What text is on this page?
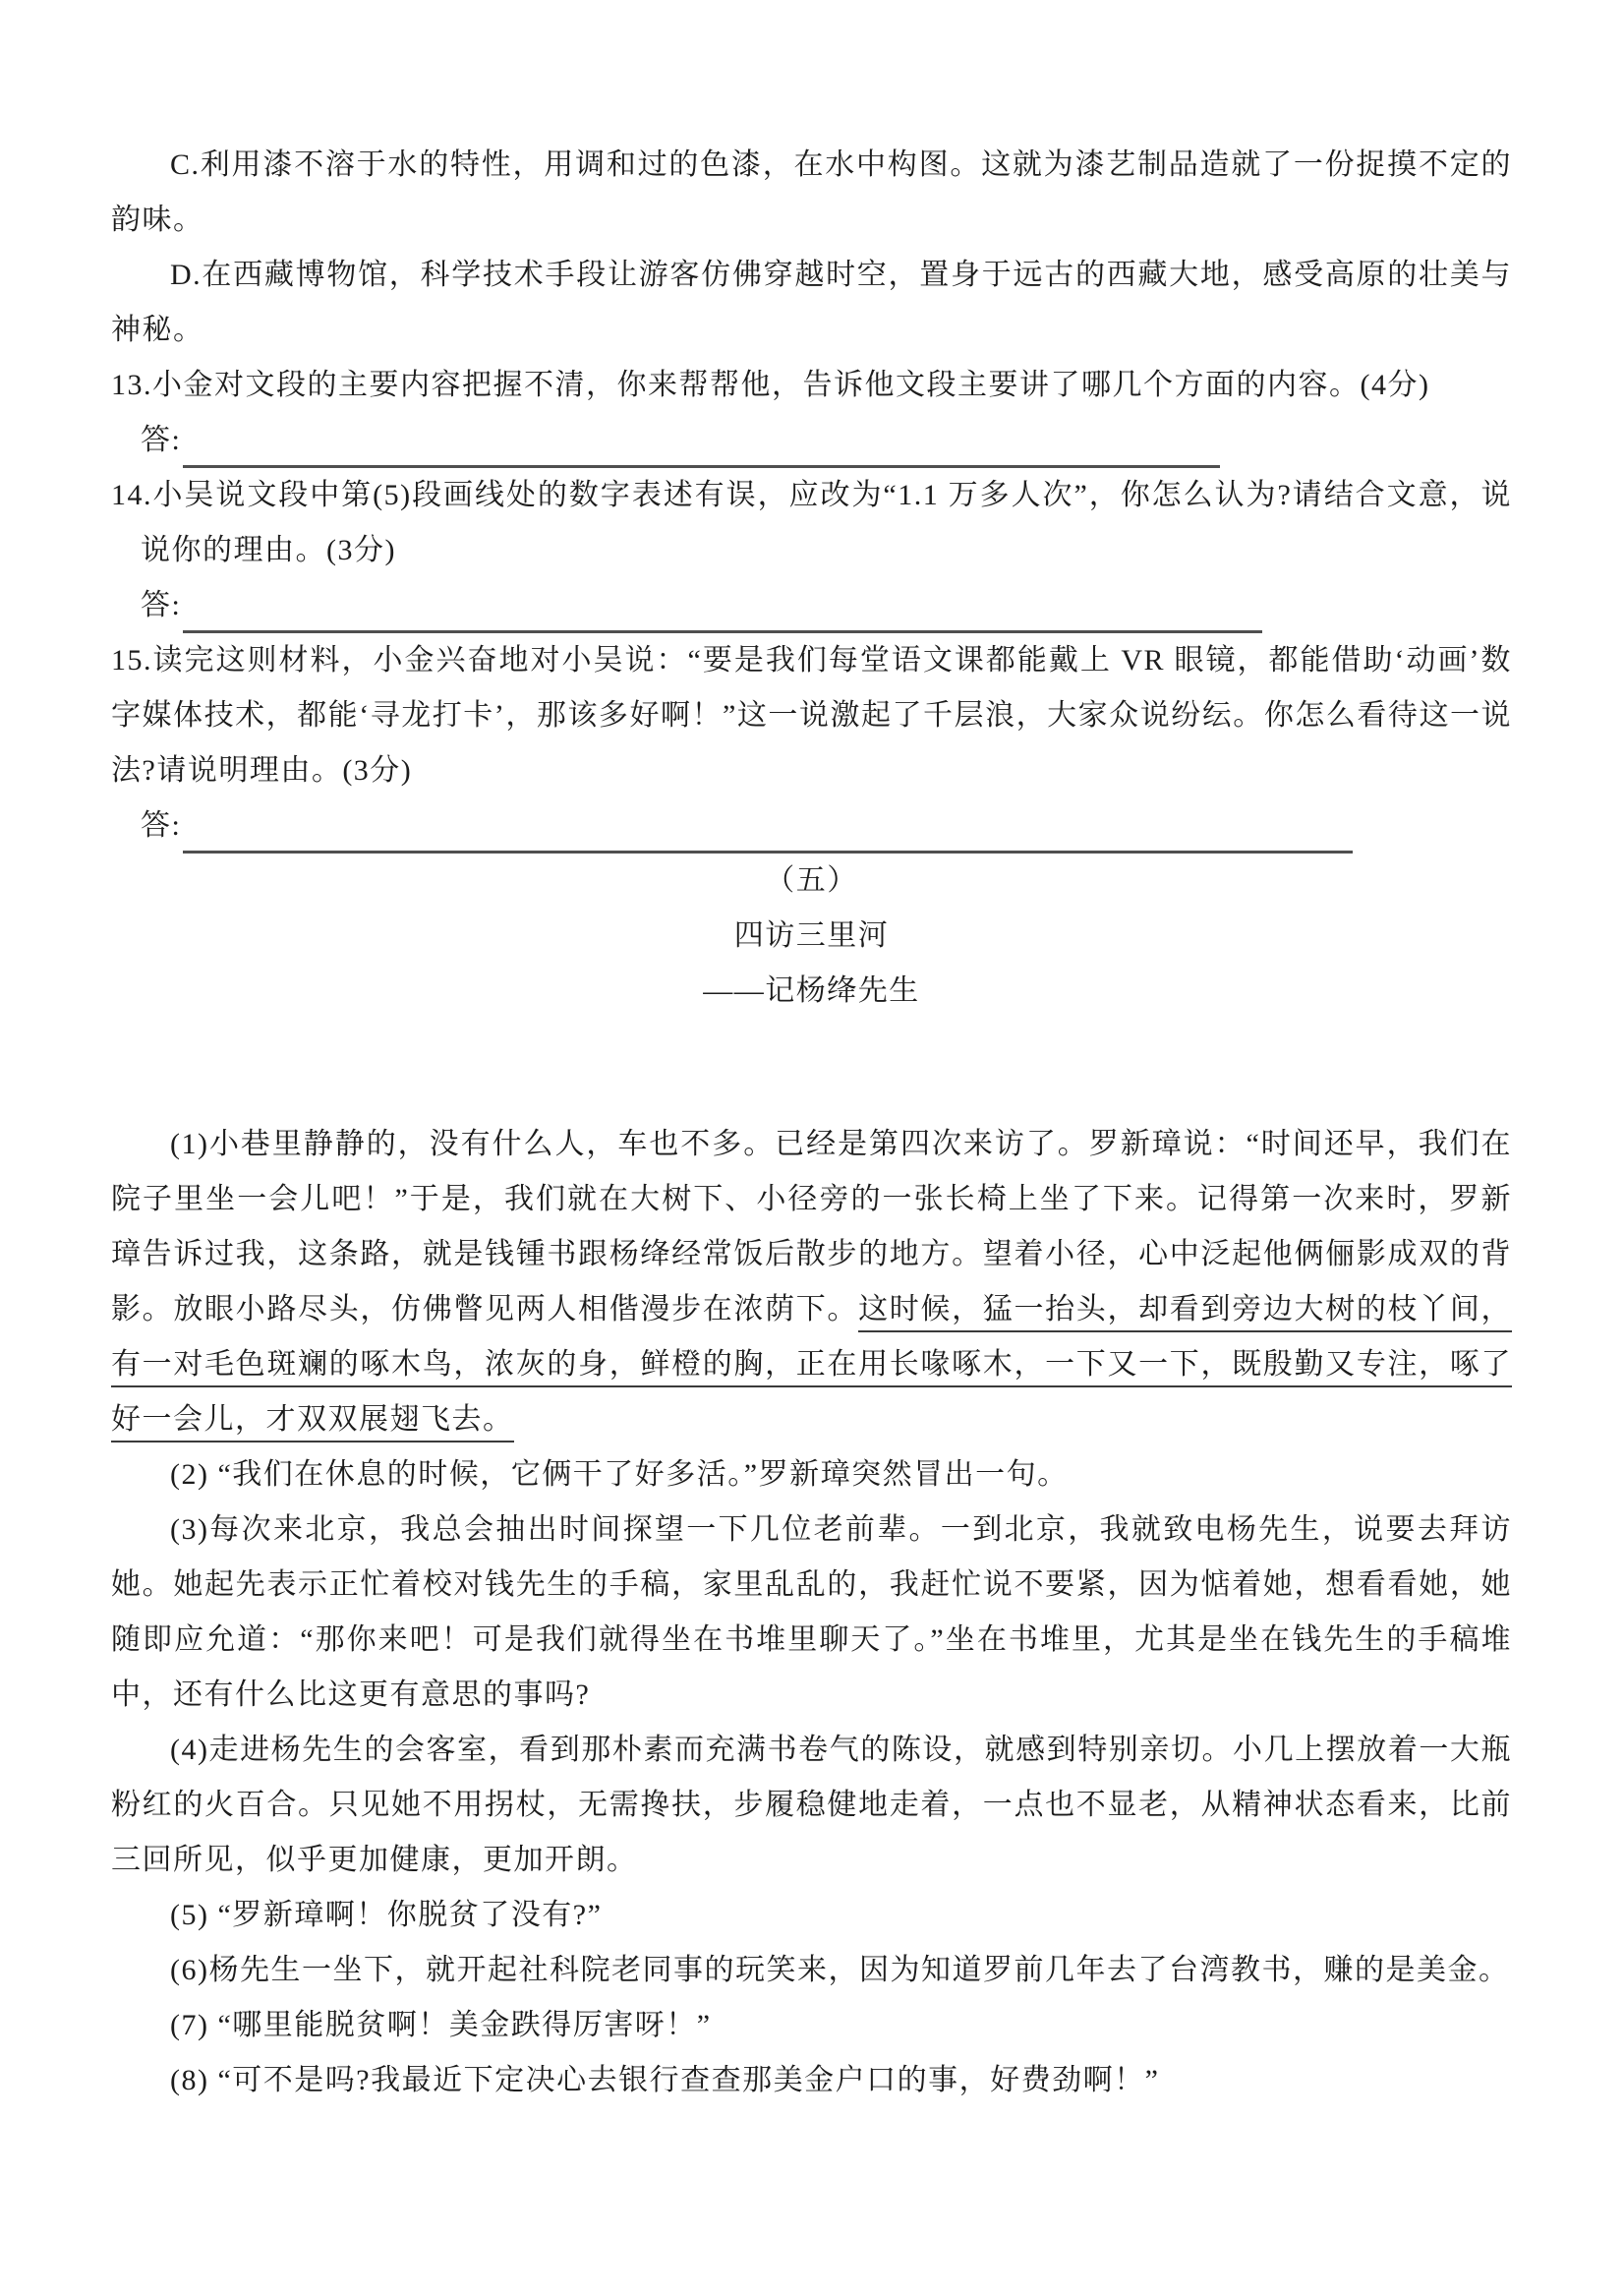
C.利用漆不溶于水的特性，用调和过的色漆，在水中构图。这就为漆艺制品造就了一份捉摸不定的韵味。

D.在西藏博物馆，科学技术手段让游客仿佛穿越时空，置身于远古的西藏大地，感受高原的壮美与神秘。

13.小金对文段的主要内容把握不清，你来帮帮他，告诉他文段主要讲了哪几个方面的内容。(4分)

答:

14.小吴说文段中第(5)段画线处的数字表述有误，应改为“1.1 万多人次”，你怎么认为?请结合文意，说说你的理由。(3分)

答:

15.读完这则材料，小金兴奋地对小吴说：“要是我们每堂语文课都能戴上 VR 眼镜，都能借助‘动画’数字媒体技术，都能‘寻龙打卡’，那该多好啊！”这一说激起了千层浪，大家众说纷纭。你怎么看待这一说法?请说明理由。(3分)

答:

（五）

四访三里河

——记杨绛先生

(1)小巷里静静的，没有什么人，车也不多。已经是第四次来访了。罗新璋说：“时间还早，我们在院子里坐一会儿吧！”于是，我们就在大树下、小径旁的一张长椅上坐了下来。记得第一次来时，罗新璋告诉过我，这条路，就是钱锺书跟杨绛经常饭后散步的地方。望着小径，心中泛起他俩俪影成双的背影。放眼小路尽头，仿佛瞥见两人相偕漫步在浓荫下。这时候，猛一抬头，却看到旁边大树的枝丫间，有一对毛色斑斓的啄木鸟，浓灰的身，鲜橙的胸，正在用长喙啄木，一下又一下，既殷勤又专注，啄了好一会儿，才双双展翅飞去。

(2) “我们在休息的时候，它俩干了好多活。”罗新璋突然冒出一句。

(3)每次来北京，我总会抽出时间探望一下几位老前辈。一到北京，我就致电杨先生，说要去拜访她。她起先表示正忙着校对钱先生的手稿，家里乱乱的，我赶忙说不要紧，因为惦着她，想看看她，她随即应允道：“那你来吧！可是我们就得坐在书堆里聊天了。”坐在书堆里，尤其是坐在钱先生的手稿堆中，还有什么比这更有意思的事吗?

(4)走进杨先生的会客室，看到那朴素而充满书卷气的陈设，就感到特别亲切。小几上摆放着一大瓶粉红的火百合。只见她不用拐杖，无需搀扶，步履稳健地走着，一点也不显老，从精神状态看来，比前三回所见，似乎更加健康，更加开朗。

(5) “罗新璋啊！你脱贫了没有?”

(6)杨先生一坐下，就开起社科院老同事的玩笑来，因为知道罗前几年去了台湾教书，赚的是美金。

(7) “哪里能脱贫啊！美金跌得厉害呀！”

(8) “可不是吗?我最近下定决心去银行查查那美金户口的事，好费劲啊！”
